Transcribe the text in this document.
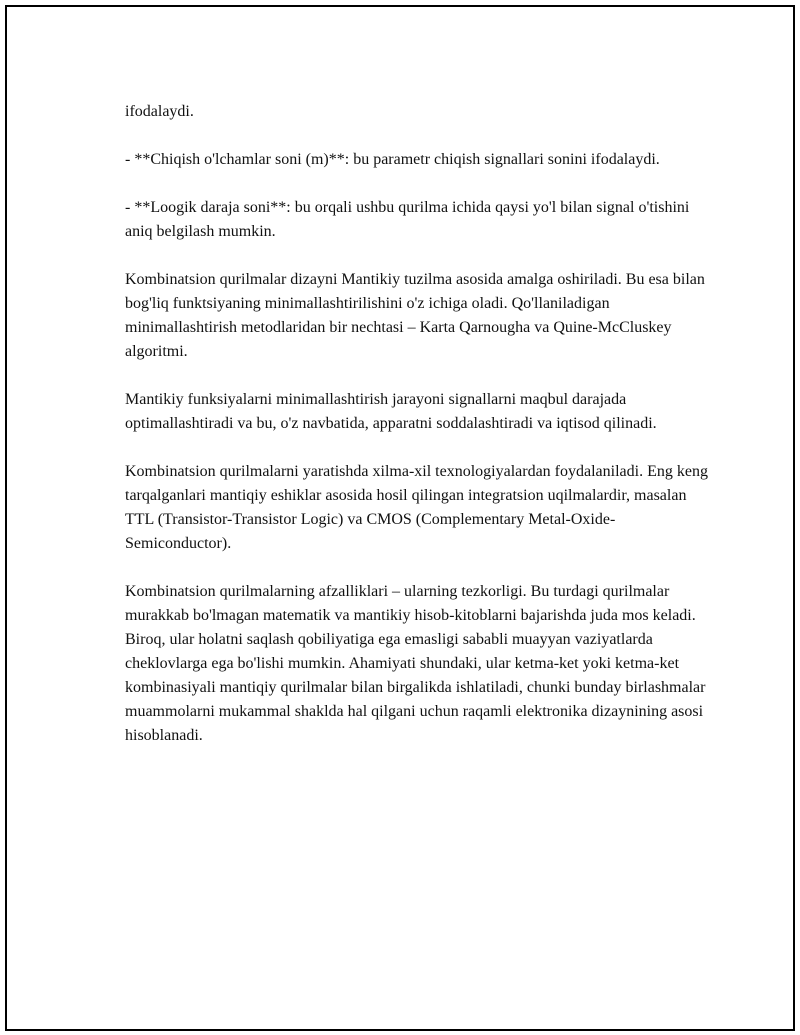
ifodalaydi.

- **Chiqish o'lchamlar soni (m)**: bu parametr chiqish signallari sonini ifodalaydi.

- **Loogik daraja soni**: bu orqali ushbu qurilma ichida qaysi yo'l bilan signal o'tishini aniq belgilash mumkin.

Kombinatsion qurilmalar dizayni Mantikiy tuzilma asosida amalga oshiriladi. Bu esa bilan bog'liq funktsiyaning minimallashtirilishini o'z ichiga oladi. Qo'llaniladigan minimallashtirish metodlaridan bir nechtasi – Karta Qarnougha va Quine-McCluskey algoritmi.

Mantikiy funksiyalarni minimallashtirish jarayoni signallarni maqbul darajada optimallashtiradi va bu, o'z navbatida, apparatni soddalashtiradi va iqtisod qilinadi.

Kombinatsion qurilmalarni yaratishda xilma-xil texnologiyalardan foydalaniladi. Eng keng tarqalganlari mantiqiy eshiklar asosida hosil qilingan integratsion uqilmalardir, masalan TTL (Transistor-Transistor Logic) va CMOS (Complementary Metal-Oxide-Semiconductor).

Kombinatsion qurilmalarning afzalliklari – ularning tezkorligi. Bu turdagi qurilmalar murakkab bo'lmagan matematik va mantikiy hisob-kitoblarni bajarishda juda mos keladi. Biroq, ular holatni saqlash qobiliyatiga ega emasligi sababli muayyan vaziyatlarda cheklovlarga ega bo'lishi mumkin. Ahamiyati shundaki, ular ketma-ket yoki ketma-ket kombinasiyali mantiqiy qurilmalar bilan birgalikda ishlatiladi, chunki bunday birlashmalar muammolarni mukammal shaklda hal qilgani uchun raqamli elektronika dizaynining asosi hisoblanadi.
